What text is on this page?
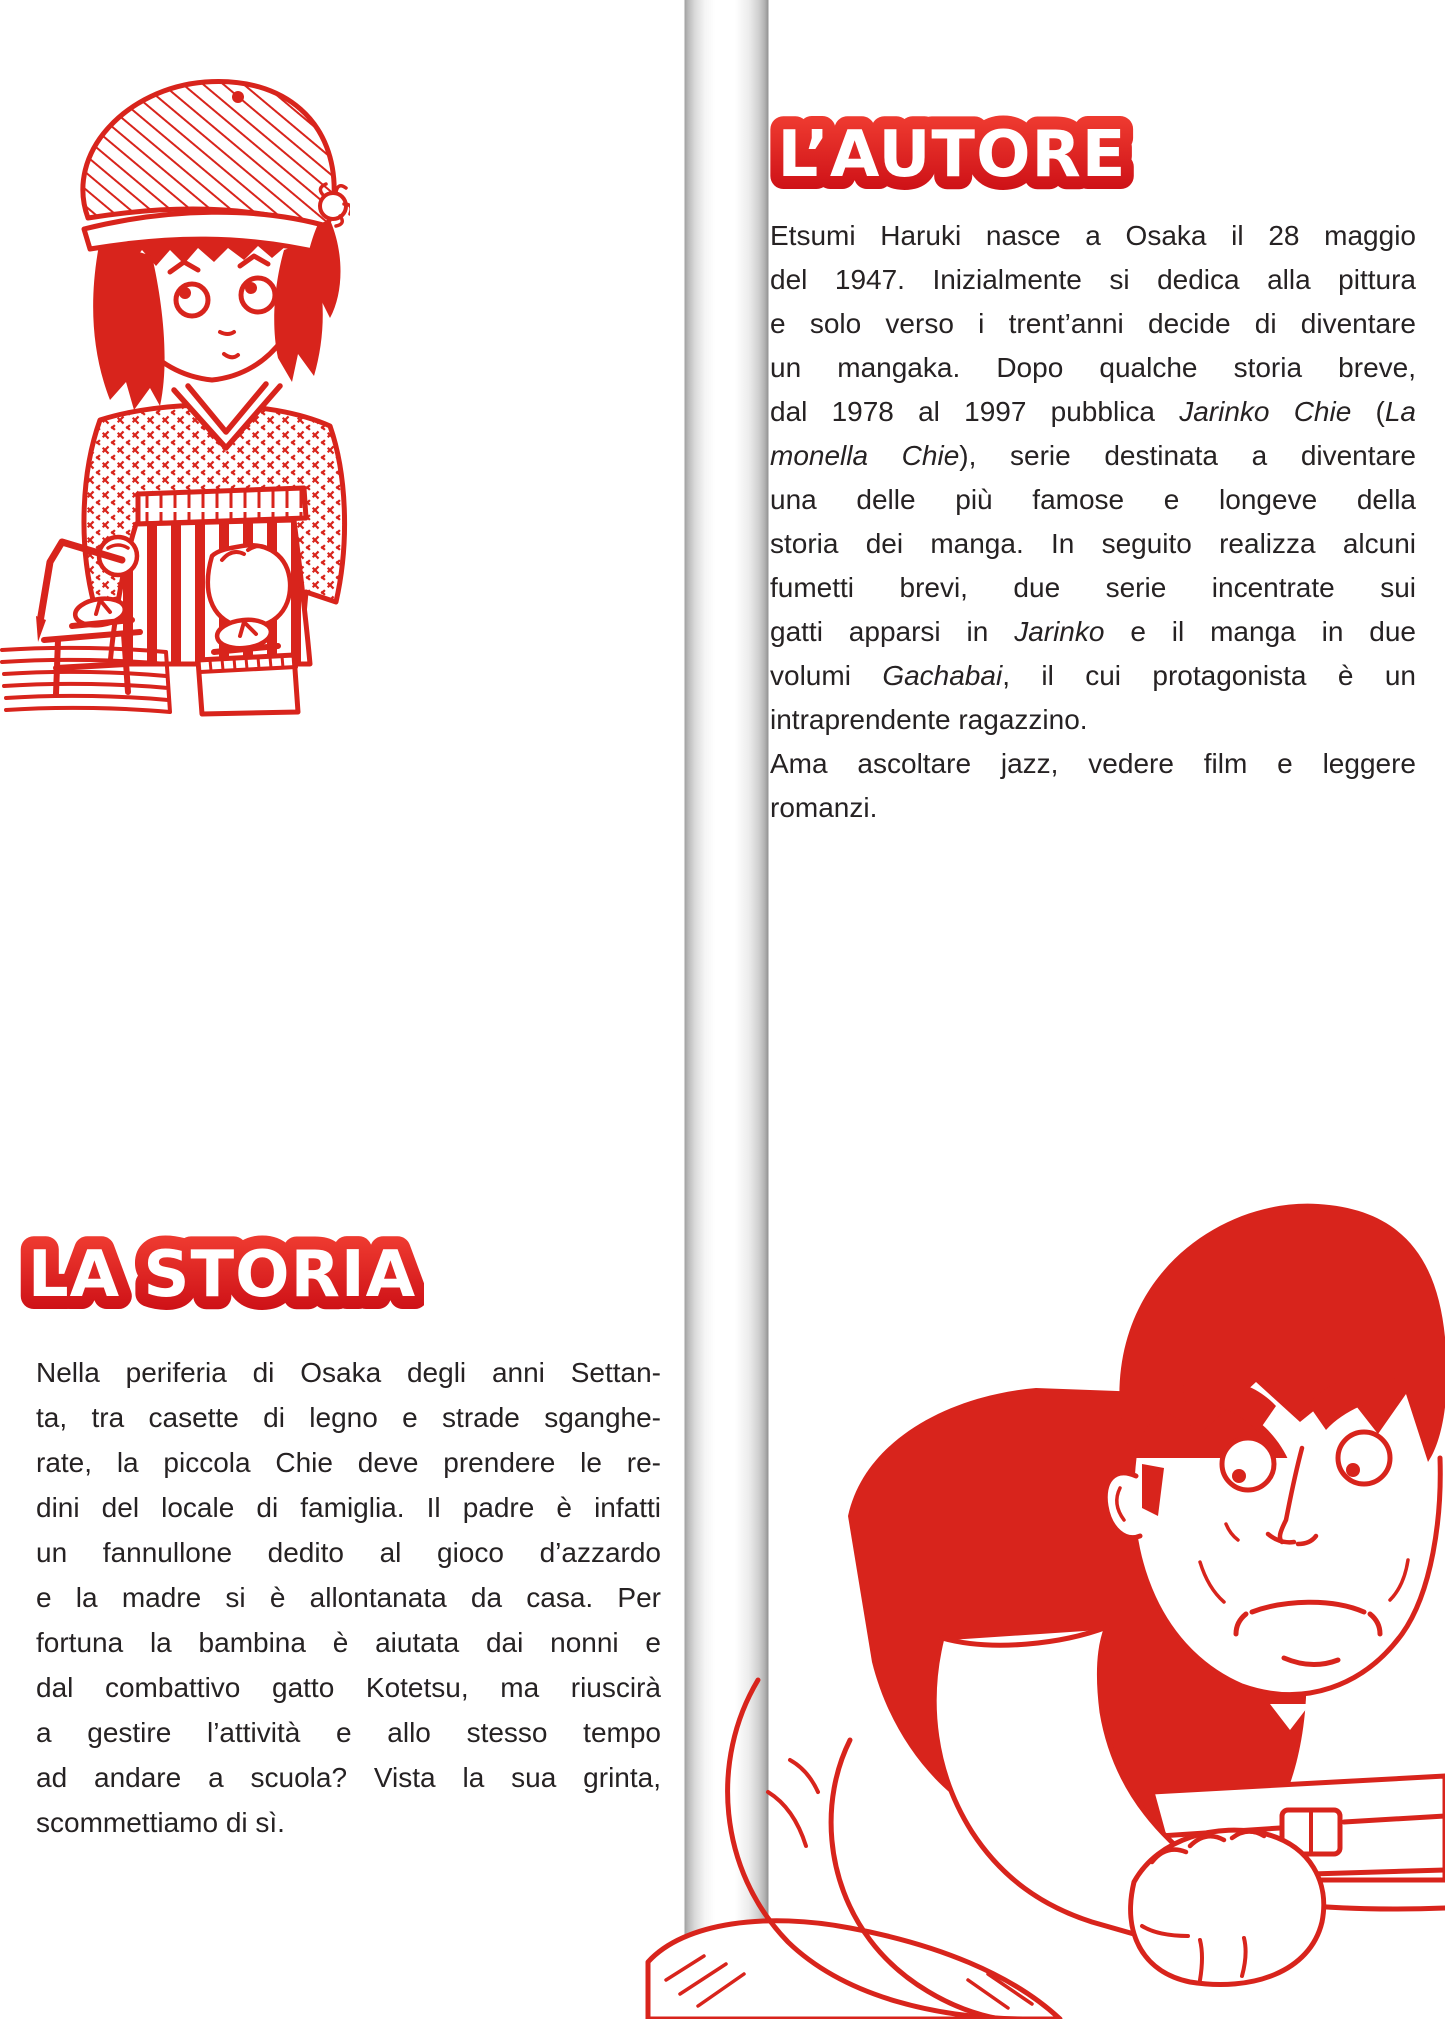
LA STORIA
Nella periferia di Osaka degli anni Settan-
ta, tra casette di legno e strade sganghe-
rate, la piccola Chie deve prendere le re-
dini del locale di famiglia. Il padre è infatti
un fannullone dedito al gioco d’azzardo
e la madre si è allontanata da casa. Per
fortuna la bambina è aiutata dai nonni e
dal combattivo gatto Kotetsu, ma riuscirà
a gestire l’attività e allo stesso tempo
ad andare a scuola? Vista la sua grinta,
scommettiamo di sì.
L’AUTORE
Etsumi Haruki nasce a Osaka il 28 maggio
del 1947. Inizialmente si dedica alla pittura
e solo verso i trent’anni decide di diventare
un mangaka. Dopo qualche storia breve,
dal 1978 al 1997 pubblica Jarinko Chie (La
monella Chie), serie destinata a diventare
una delle più famose e longeve della
storia dei manga. In seguito realizza alcuni
fumetti brevi, due serie incentrate sui
gatti apparsi in Jarinko e il manga in due
volumi Gachabai, il cui protagonista è un
intraprendente ragazzino.
Ama ascoltare jazz, vedere film e leggere
romanzi.
